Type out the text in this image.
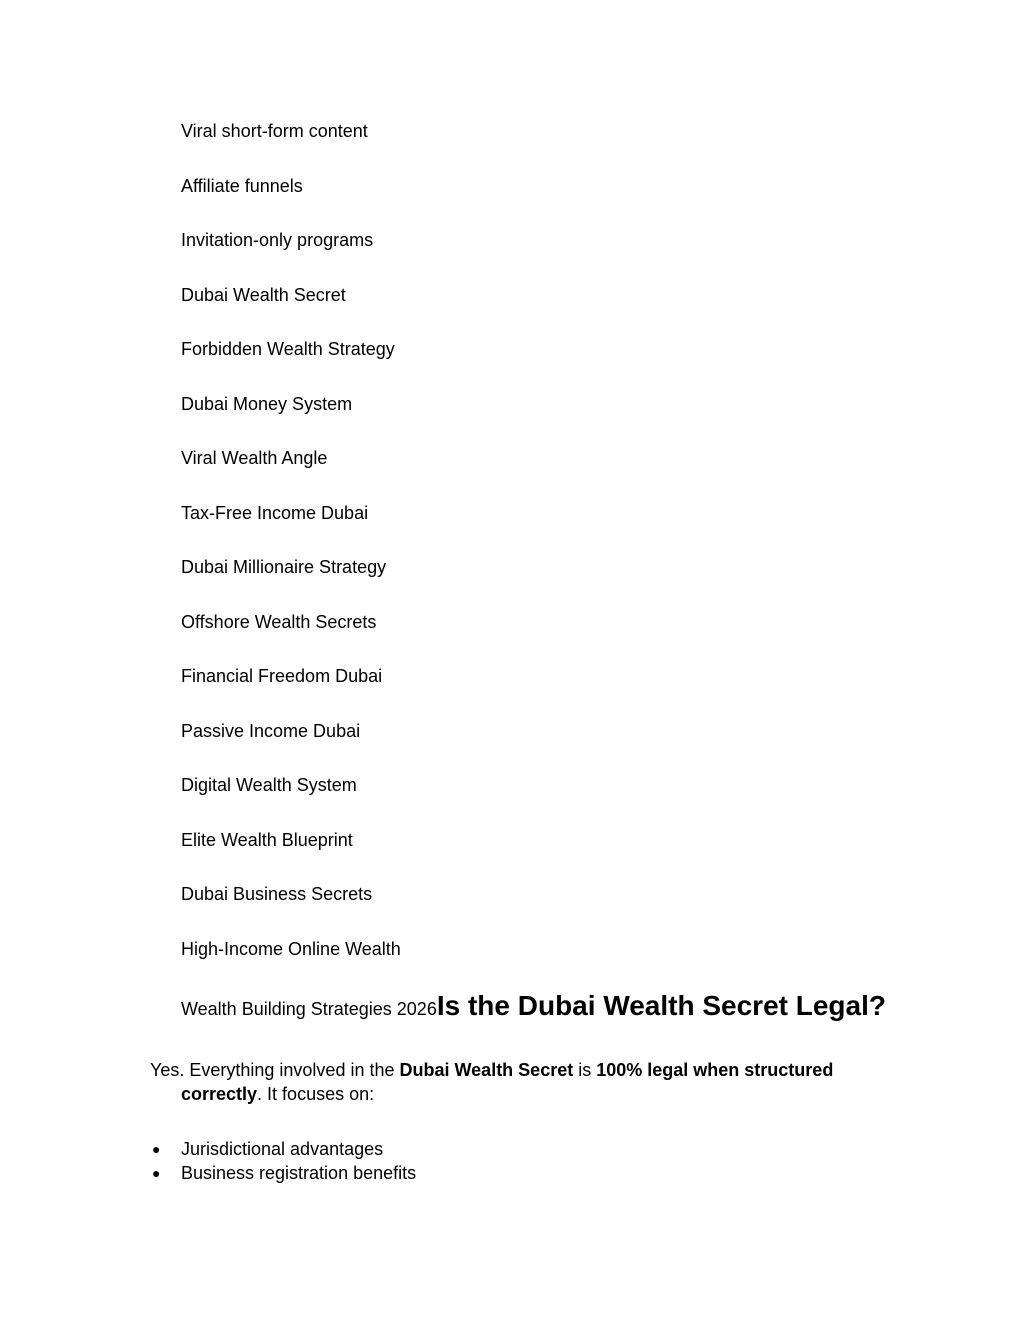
Viral short-form content
Affiliate funnels
Invitation-only programs
Dubai Wealth Secret
Forbidden Wealth Strategy
Dubai Money System
Viral Wealth Angle
Tax-Free Income Dubai
Dubai Millionaire Strategy
Offshore Wealth Secrets
Financial Freedom Dubai
Passive Income Dubai
Digital Wealth System
Elite Wealth Blueprint
Dubai Business Secrets
High-Income Online Wealth
Wealth Building Strategies 2026Is the Dubai Wealth Secret Legal?

Yes. Everything involved in the Dubai Wealth Secret is 100% legal when structured correctly. It focuses on:

● Jurisdictional advantages
● Business registration benefits
